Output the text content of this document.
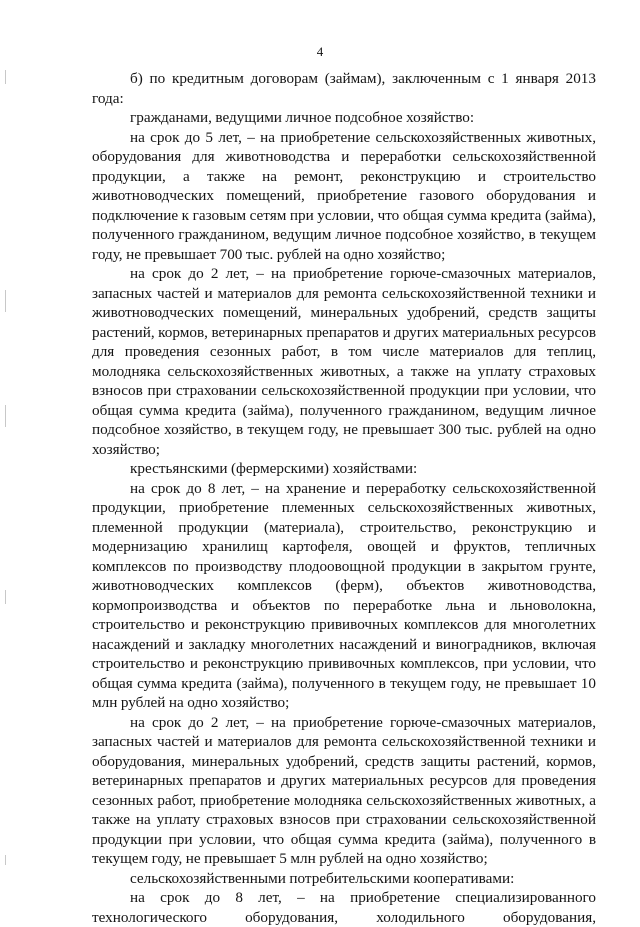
4

б) по кредитным договорам (займам), заключенным с 1 января 2013 года:

гражданами, ведущими личное подсобное хозяйство:

на срок до 5 лет, – на приобретение сельскохозяйственных животных, оборудования для животноводства и переработки сельскохозяйственной продукции, а также на ремонт, реконструкцию и строительство животноводческих помещений, приобретение газового оборудования и подключение к газовым сетям при условии, что общая сумма кредита (займа), полученного гражданином, ведущим личное подсобное хозяйство, в текущем году, не превышает 700 тыс. рублей на одно хозяйство;

на срок до 2 лет, – на приобретение горюче-смазочных материалов, запасных частей и материалов для ремонта сельскохозяйственной техники и животноводческих помещений, минеральных удобрений, средств защиты растений, кормов, ветеринарных препаратов и других материальных ресурсов для проведения сезонных работ, в том числе материалов для теплиц, молодняка сельскохозяйственных животных, а также на уплату страховых взносов при страховании сельскохозяйственной продукции при условии, что общая сумма кредита (займа), полученного гражданином, ведущим личное подсобное хозяйство, в текущем году, не превышает 300 тыс. рублей на одно хозяйство;

крестьянскими (фермерскими) хозяйствами:

на срок до 8 лет, – на хранение и переработку сельскохозяйственной продукции, приобретение племенных сельскохозяйственных животных, племенной продукции (материала), строительство, реконструкцию и модернизацию хранилищ картофеля, овощей и фруктов, тепличных комплексов по производству плодоовощной продукции в закрытом грунте, животноводческих комплексов (ферм), объектов животноводства, кормопроизводства и объектов по переработке льна и льноволокна, строительство и реконструкцию прививочных комплексов для многолетних насаждений и закладку многолетних насаждений и виноградников, включая строительство и реконструкцию прививочных комплексов, при условии, что общая сумма кредита (займа), полученного в текущем году, не превышает 10 млн рублей на одно хозяйство;

на срок до 2 лет, – на приобретение горюче-смазочных материалов, запасных частей и материалов для ремонта сельскохозяйственной техники и оборудования, минеральных удобрений, средств защиты растений, кормов, ветеринарных препаратов и других материальных ресурсов для проведения сезонных работ, приобретение молодняка сельскохозяйственных животных, а также на уплату страховых взносов при страховании сельскохозяйственной продукции при условии, что общая сумма кредита (займа), полученного в текущем году, не превышает 5 млн рублей на одно хозяйство;

сельскохозяйственными потребительскими кооперативами:

на срок до 8 лет, – на приобретение специализированного технологического оборудования, холодильного оборудования,
